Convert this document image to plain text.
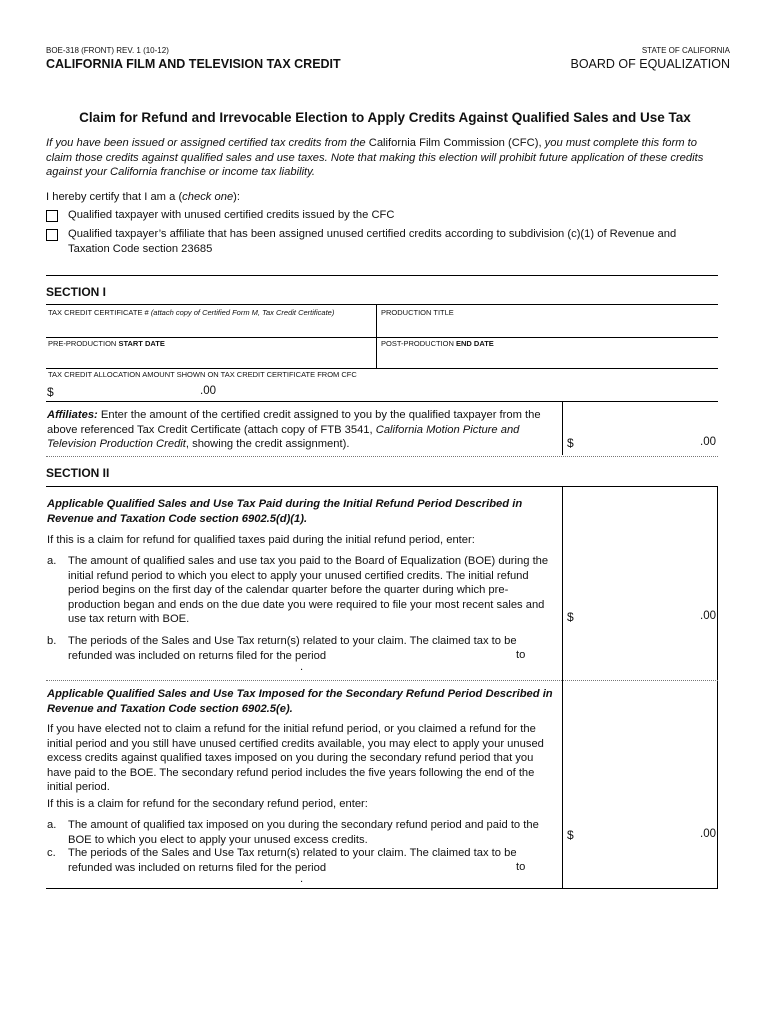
BOE-318 (FRONT) REV. 1 (10-12)
CALIFORNIA FILM AND TELEVISION TAX CREDIT
STATE OF CALIFORNIA
BOARD OF EQUALIZATION
Claim for Refund and Irrevocable Election to Apply Credits Against Qualified Sales and Use Tax
If you have been issued or assigned certified tax credits from the California Film Commission (CFC), you must complete this form to claim those credits against qualified sales and use taxes. Note that making this election will prohibit future application of these credits against your California franchise or income tax liability.
I hereby certify that I am a (check one):
Qualified taxpayer with unused certified credits issued by the CFC
Qualified taxpayer’s affiliate that has been assigned unused certified credits according to subdivision (c)(1) of Revenue and Taxation Code section 23685
SECTION I
TAX CREDIT CERTIFICATE # (attach copy of Certified Form M, Tax Credit Certificate)	PRODUCTION TITLE
PRE-PRODUCTION START DATE	POST-PRODUCTION END DATE
TAX CREDIT ALLOCATION AMOUNT SHOWN ON TAX CREDIT CERTIFICATE FROM CFC
$	.00
Affiliates: Enter the amount of the certified credit assigned to you by the qualified taxpayer from the above referenced Tax Credit Certificate (attach copy of FTB 3541, California Motion Picture and Television Production Credit, showing the credit assignment).	$	.00
SECTION II
Applicable Qualified Sales and Use Tax Paid during the Initial Refund Period Described in Revenue and Taxation Code section 6902.5(d)(1).
If this is a claim for refund for qualified taxes paid during the initial refund period, enter:
a. The amount of qualified sales and use tax you paid to the Board of Equalization (BOE) during the initial refund period to which you elect to apply your unused certified credits. The initial refund period begins on the first day of the calendar quarter before the quarter during which pre-production began and ends on the due date you were required to file your most recent sales and use tax return with BOE.	$	.00
b. The periods of the Sales and Use Tax return(s) related to your claim. The claimed tax to be refunded was included on returns filed for the period	to
.
Applicable Qualified Sales and Use Tax Imposed for the Secondary Refund Period Described in Revenue and Taxation Code section 6902.5(e).
If you have elected not to claim a refund for the initial refund period, or you claimed a refund for the initial period and you still have unused certified credits available, you may elect to apply your unused excess credits against qualified taxes imposed on you during the secondary refund period that you have paid to the BOE. The secondary refund period includes the five years following the end of the initial period.
If this is a claim for refund for the secondary refund period, enter:
a. The amount of qualified tax imposed on you during the secondary refund period and paid to the BOE to which you elect to apply your unused excess credits.	$	.00
c. The periods of the Sales and Use Tax return(s) related to your claim. The claimed tax to be refunded was included on returns filed for the period	to
.
